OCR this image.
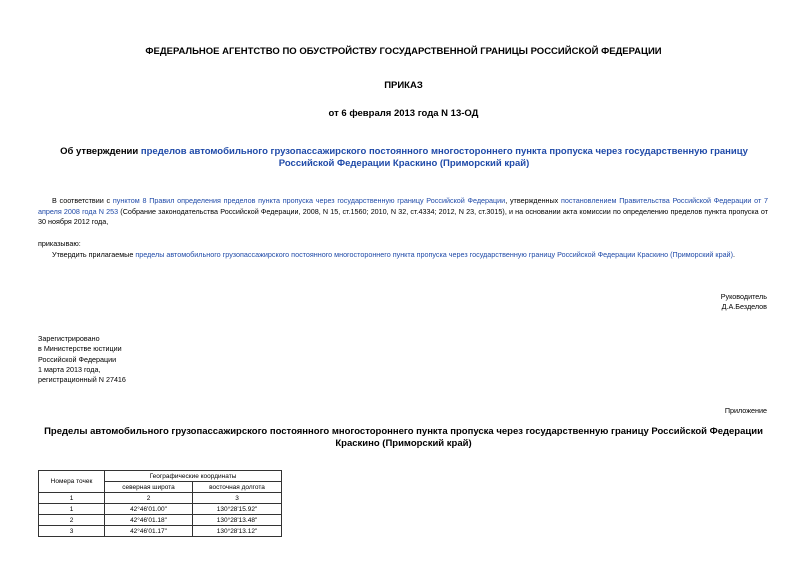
ФЕДЕРАЛЬНОЕ АГЕНТСТВО ПО ОБУСТРОЙСТВУ ГОСУДАРСТВЕННОЙ ГРАНИЦЫ РОССИЙСКОЙ ФЕДЕРАЦИИ
ПРИКАЗ
от 6 февраля 2013 года N 13-ОД
Об утверждении пределов автомобильного грузопассажирского постоянного многостороннего пункта пропуска через государственную границу Российской Федерации Краскино (Приморский край)
В соответствии с пунктом 8 Правил определения пределов пункта пропуска через государственную границу Российской Федерации, утвержденных постановлением Правительства Российской Федерации от 7 апреля 2008 года N 253 (Собрание законодательства Российской Федерации, 2008, N 15, ст.1560; 2010, N 32, ст.4334; 2012, N 23, ст.3015), и на основании акта комиссии по определению пределов пункта пропуска от 30 ноября 2012 года,
приказываю:
Утвердить прилагаемые пределы автомобильного грузопассажирского постоянного многостороннего пункта пропуска через государственную границу Российской Федерации Краскино (Приморский край).
Руководитель
Д.А.Безделов
Зарегистрировано
в Министерстве юстиции
Российской Федерации
1 марта 2013 года,
регистрационный N 27416
Приложение
Пределы автомобильного грузопассажирского постоянного многостороннего пункта пропуска через государственную границу Российской Федерации Краскино (Приморский край)
Номера точек	Географические координаты	
	северная широта	восточная долгота
1	2	3
1	42°46'01.00"	130°28'15.92"
2	42°46'01.18"	130°28'13.48"
3	42°46'01.17"	130°28'13.12"
